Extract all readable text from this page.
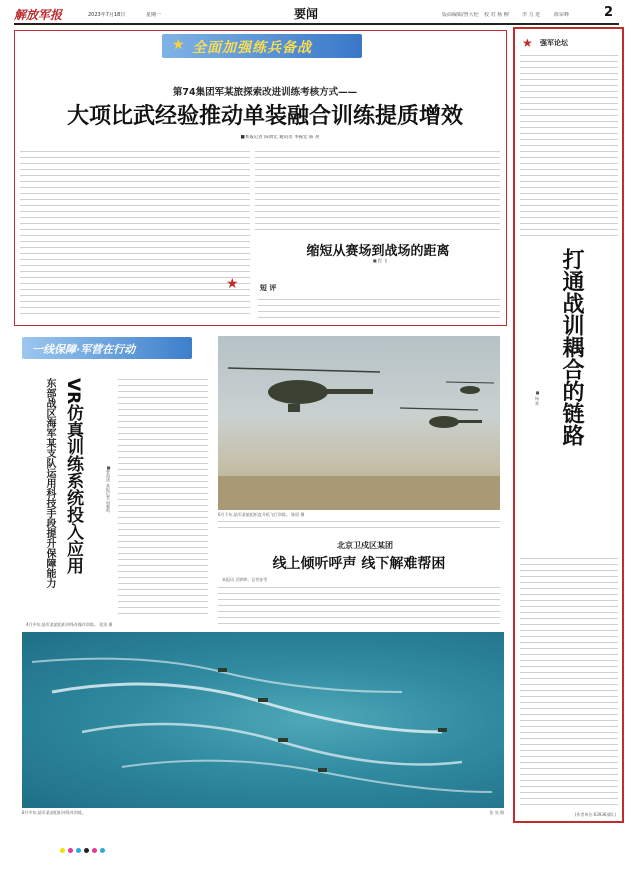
解放军报	2023年7月18日	星期一	要闻	版面编辑/曾大伦 校 对 杨 柳	李 力 进	陈荣峰	2
★ 全面加强练兵备战
第74集团军某旅探索改进训练考核方式——
大项比武经验推动单装融合训练提质增效
■本报记者 陈典宏 通讯员 李振宏 陈 亮
缩短从赛场到战场的距离
■ 程 飞
★	短 评
★ 强军论坛
打通战训耦合的链路
■ 杨 欢
(作者单位:63936部队)
一线保障·军营在行动
VR仿真训练系统投入应用
东部战区海军某支队运用科技手段提升保障能力	■曾海涛 本报记者 向黎鸣
4月中旬,陆军某旅组织冲锋舟操作训练。 张黑 摄
6月下旬,陆军某旅组织直升机飞行训练。 陈昭 摄
北京卫戍区某团
线上倾听呼声 线下解难帮困
本报讯 吴婷婷、记者孙雪
8月中旬,陆军某部组织冲锋舟训练。	张 亮 摄
